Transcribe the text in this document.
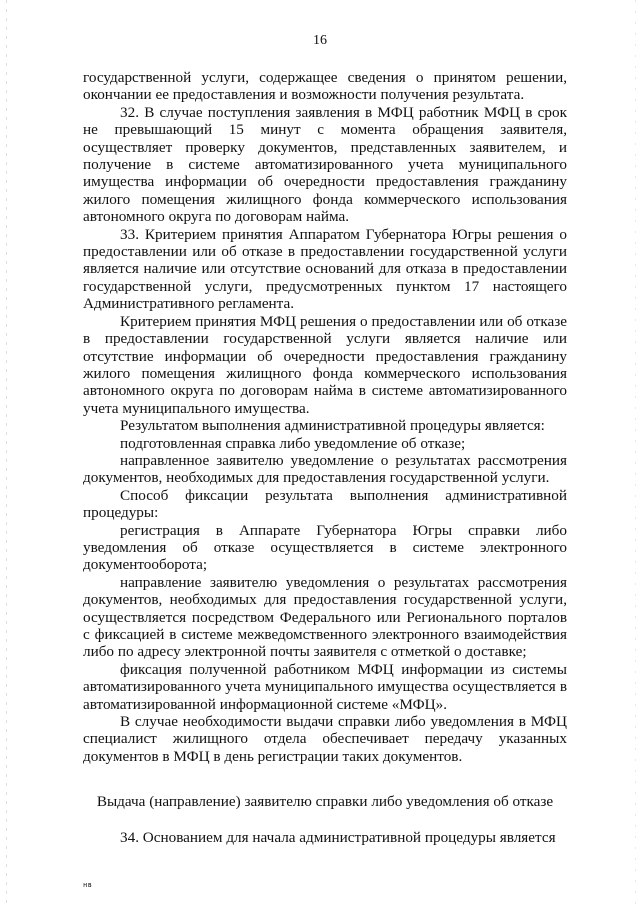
16

государственной услуги, содержащее сведения о принятом решении, окончании ее предоставления и возможности получения результата.

32. В случае поступления заявления в МФЦ работник МФЦ в срок не превышающий 15 минут с момента обращения заявителя, осуществляет проверку документов, представленных заявителем, и получение в системе автоматизированного учета муниципального имущества информации об очередности предоставления гражданину жилого помещения жилищного фонда коммерческого использования автономного округа по договорам найма.

33. Критерием принятия Аппаратом Губернатора Югры решения о предоставлении или об отказе в предоставлении государственной услуги является наличие или отсутствие оснований для отказа в предоставлении государственной услуги, предусмотренных пунктом 17 настоящего Административного регламента.

Критерием принятия МФЦ решения о предоставлении или об отказе в предоставлении государственной услуги является наличие или отсутствие информации об очередности предоставления гражданину жилого помещения жилищного фонда коммерческого использования автономного округа по договорам найма в системе автоматизированного учета муниципального имущества.

Результатом выполнения административной процедуры является:

подготовленная справка либо уведомление об отказе;

направленное заявителю уведомление о результатах рассмотрения документов, необходимых для предоставления государственной услуги.

Способ фиксации результата выполнения административной процедуры:

регистрация в Аппарате Губернатора Югры справки либо уведомления об отказе осуществляется в системе электронного документооборота;

направление заявителю уведомления о результатах рассмотрения документов, необходимых для предоставления государственной услуги, осуществляется посредством Федерального или Регионального порталов с фиксацией в системе межведомственного электронного взаимодействия либо по адресу электронной почты заявителя с отметкой о доставке;

фиксация полученной работником МФЦ информации из системы автоматизированного учета муниципального имущества осуществляется в автоматизированной информационной системе «МФЦ».

В случае необходимости выдачи справки либо уведомления в МФЦ специалист жилищного отдела обеспечивает передачу указанных документов в МФЦ в день регистрации таких документов.

Выдача (направление) заявителю справки либо уведомления об отказе

34. Основанием для начала административной процедуры является

нв
